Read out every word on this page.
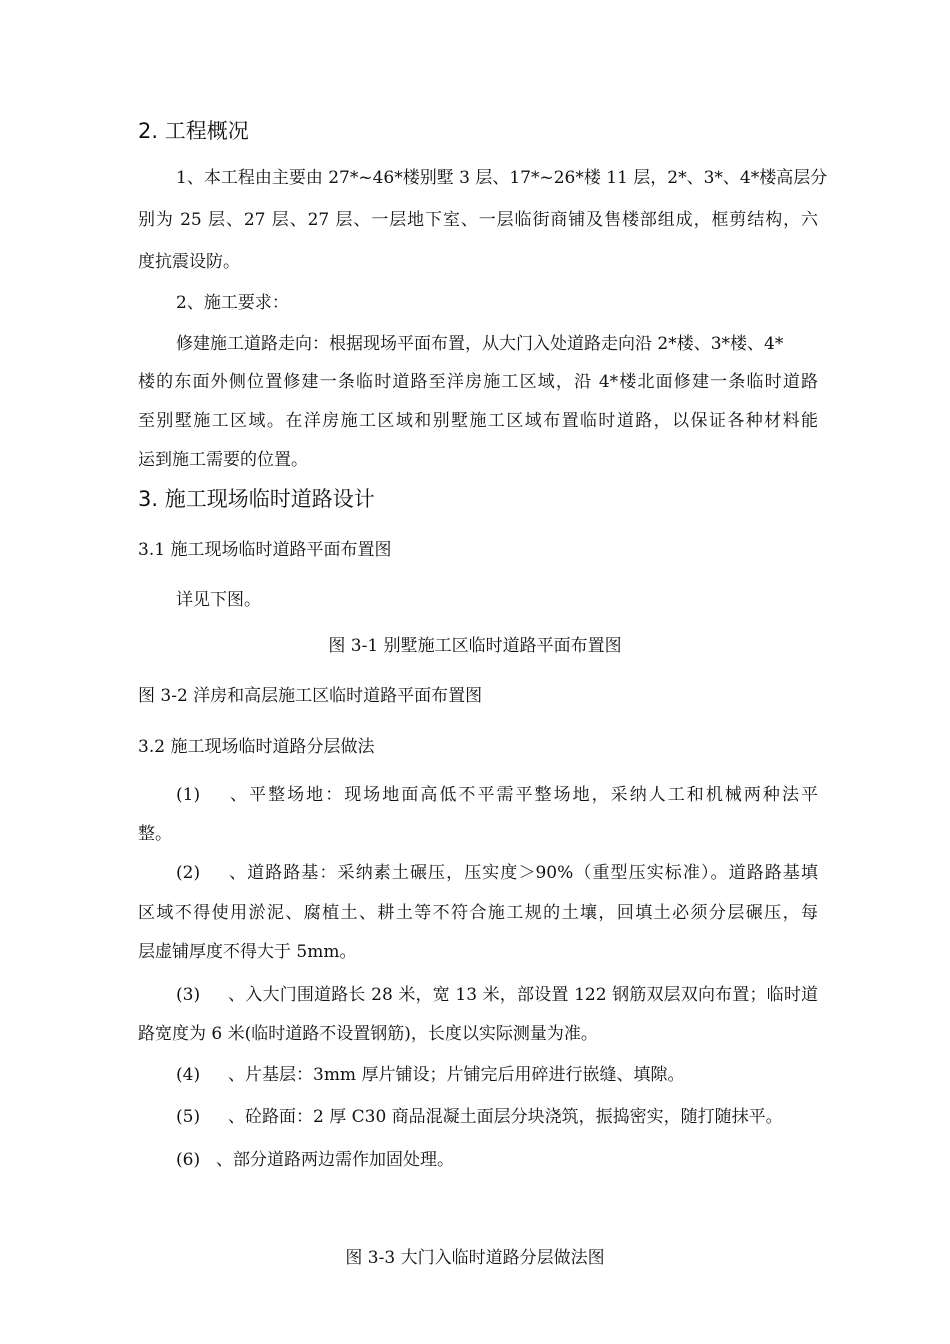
2. 工程概况
1、本工程由主要由 27*~46*楼别墅 3 层、17*~26*楼 11 层，2*、3*、4*楼高层分
别为 25 层、27 层、27 层、一层地下室、一层临街商铺及售楼部组成，框剪结构，六
度抗震设防。
2、施工要求：
修建施工道路走向：根据现场平面布置，从大门入处道路走向沿 2*楼、3*楼、4*
楼的东面外侧位置修建一条临时道路至洋房施工区域，沿 4*楼北面修建一条临时道路
至别墅施工区域。在洋房施工区域和别墅施工区域布置临时道路，以保证各种材料能
运到施工需要的位置。
3. 施工现场临时道路设计
3.1 施工现场临时道路平面布置图
详见下图。
图 3-1 别墅施工区临时道路平面布置图
图 3-2 洋房和高层施工区临时道路平面布置图
3.2 施工现场临时道路分层做法
(1) 、平整场地：现场地面高低不平需平整场地，采纳人工和机械两种法平
整。
(2) 、道路路基：采纳素土碾压，压实度＞90%（重型压实标准）。道路路基填
区域不得使用淤泥、腐植土、耕土等不符合施工规的土壤，回填土必须分层碾压，每
层虚铺厚度不得大于 5mm。
(3) 、入大门围道路长 28 米，宽 13 米，部设置 122 钢筋双层双向布置；临时道
路宽度为 6 米(临时道路不设置钢筋)，长度以实际测量为准。
(4) 、片基层：3mm 厚片铺设；片铺完后用碎进行嵌缝、填隙。
(5) 、砼路面：2 厚 C30 商品混凝土面层分块浇筑，振捣密实，随打随抹平。
(6) 、部分道路两边需作加固处理。
图 3-3 大门入临时道路分层做法图
